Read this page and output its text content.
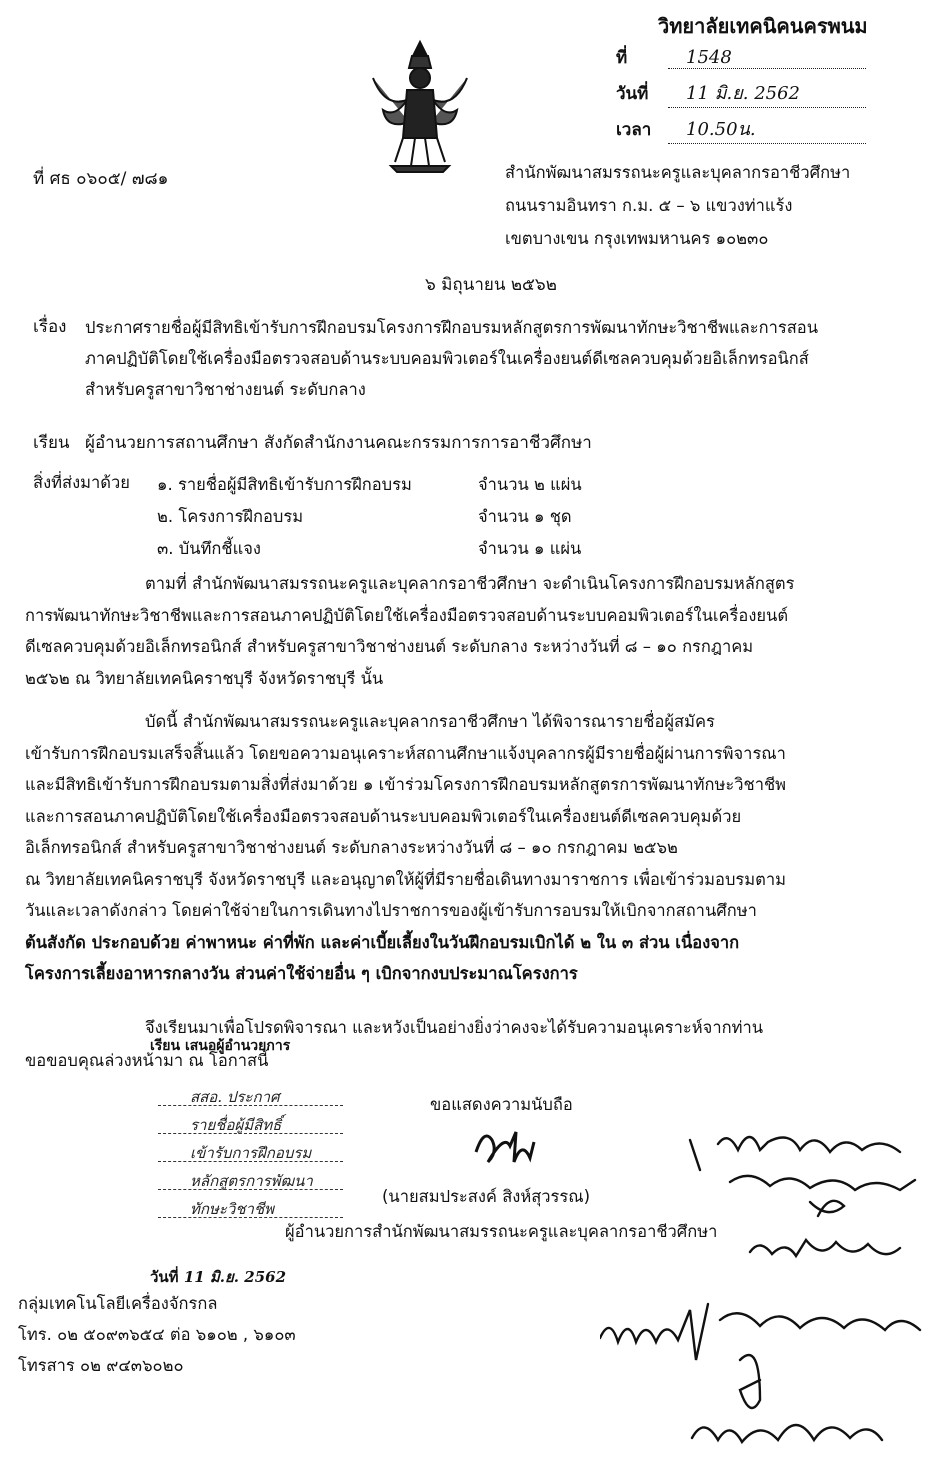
วิทยาลัยเทคนิคนครพนม
ที่	1548
วันที่ 11 มิ.ย. 2562
เวลา 10.50น.
ที่ ศธ ๐๖๐๕/ ๗๘๑	สำนักพัฒนาสมรรถนะครูและบุคลากรอาชีวศึกษา
ถนนรามอินทรา ก.ม. ๕ – ๖ แขวงท่าแร้ง
เขตบางเขน กรุงเทพมหานคร ๑๐๒๓๐
๖ มิถุนายน ๒๕๖๒
เรื่อง ประกาศรายชื่อผู้มีสิทธิเข้ารับการฝึกอบรมโครงการฝึกอบรมหลักสูตรการพัฒนาทักษะวิชาชีพและการสอน
ภาคปฏิบัติโดยใช้เครื่องมือตรวจสอบด้านระบบคอมพิวเตอร์ในเครื่องยนต์ดีเซลควบคุมด้วยอิเล็กทรอนิกส์
สำหรับครูสาขาวิชาช่างยนต์ ระดับกลาง
เรียน ผู้อำนวยการสถานศึกษา สังกัดสำนักงานคณะกรรมการการอาชีวศึกษา
สิ่งที่ส่งมาด้วย ๑. รายชื่อผู้มีสิทธิเข้ารับการฝึกอบรม	จำนวน ๒ แผ่น
๒. โครงการฝึกอบรม	จำนวน ๑ ชุด
๓. บันทึกชี้แจง	จำนวน ๑ แผ่น
ตามที่ สำนักพัฒนาสมรรถนะครูและบุคลากรอาชีวศึกษา จะดำเนินโครงการฝึกอบรมหลักสูตร
การพัฒนาทักษะวิชาชีพและการสอนภาคปฏิบัติโดยใช้เครื่องมือตรวจสอบด้านระบบคอมพิวเตอร์ในเครื่องยนต์
ดีเซลควบคุมด้วยอิเล็กทรอนิกส์ สำหรับครูสาขาวิชาช่างยนต์ ระดับกลาง ระหว่างวันที่ ๘ – ๑๐ กรกฎาคม
๒๕๖๒ ณ วิทยาลัยเทคนิคราชบุรี จังหวัดราชบุรี นั้น
บัดนี้ สำนักพัฒนาสมรรถนะครูและบุคลากรอาชีวศึกษา ได้พิจารณารายชื่อผู้สมัคร
เข้ารับการฝึกอบรมเสร็จสิ้นแล้ว โดยขอความอนุเคราะห์สถานศึกษาแจ้งบุคลากรผู้มีรายชื่อผู้ผ่านการพิจารณา
และมีสิทธิเข้ารับการฝึกอบรมตามสิ่งที่ส่งมาด้วย ๑ เข้าร่วมโครงการฝึกอบรมหลักสูตรการพัฒนาทักษะวิชาชีพ
และการสอนภาคปฏิบัติโดยใช้เครื่องมือตรวจสอบด้านระบบคอมพิวเตอร์ในเครื่องยนต์ดีเซลควบคุมด้วย
อิเล็กทรอนิกส์ สำหรับครูสาขาวิชาช่างยนต์ ระดับกลางระหว่างวันที่ ๘ – ๑๐ กรกฎาคม ๒๕๖๒
ณ วิทยาลัยเทคนิคราชบุรี จังหวัดราชบุรี และอนุญาตให้ผู้ที่มีรายชื่อเดินทางมาราชการ เพื่อเข้าร่วมอบรมตาม
วันและเวลาดังกล่าว โดยค่าใช้จ่ายในการเดินทางไปราชการของผู้เข้ารับการอบรมให้เบิกจากสถานศึกษา
ต้นสังกัด ประกอบด้วย ค่าพาหนะ ค่าที่พัก และค่าเบี้ยเลี้ยงในวันฝึกอบรมเบิกได้ ๒ ใน ๓ ส่วน เนื่องจาก
โครงการเลี้ยงอาหารกลางวัน ส่วนค่าใช้จ่ายอื่น ๆ เบิกจากงบประมาณโครงการ
จึงเรียนมาเพื่อโปรดพิจารณา และหวังเป็นอย่างยิ่งว่าคงจะได้รับความอนุเคราะห์จากท่าน
ขอขอบคุณล่วงหน้ามา ณ โอกาสนี้
เรียน เสนอผู้อำนวยการ
สสอ. ประกาศ
รายชื่อผู้มีสิทธิ์
เข้ารับการฝึกอบรม
หลักสูตรการพัฒนา
ทักษะวิชาชีพ
วันที่ 11 มิ.ย. 2562
ขอแสดงความนับถือ
(นายสมประสงค์ สิงห์สุวรรณ)
ผู้อำนวยการสำนักพัฒนาสมรรถนะครูและบุคลากรอาชีวศึกษา
กลุ่มเทคโนโลยีเครื่องจักรกล
โทร. ๐๒ ๕๐๙๓๖๕๔ ต่อ ๖๑๐๒ , ๖๑๐๓
โทรสาร ๐๒ ๙๔๓๖๐๒๐
